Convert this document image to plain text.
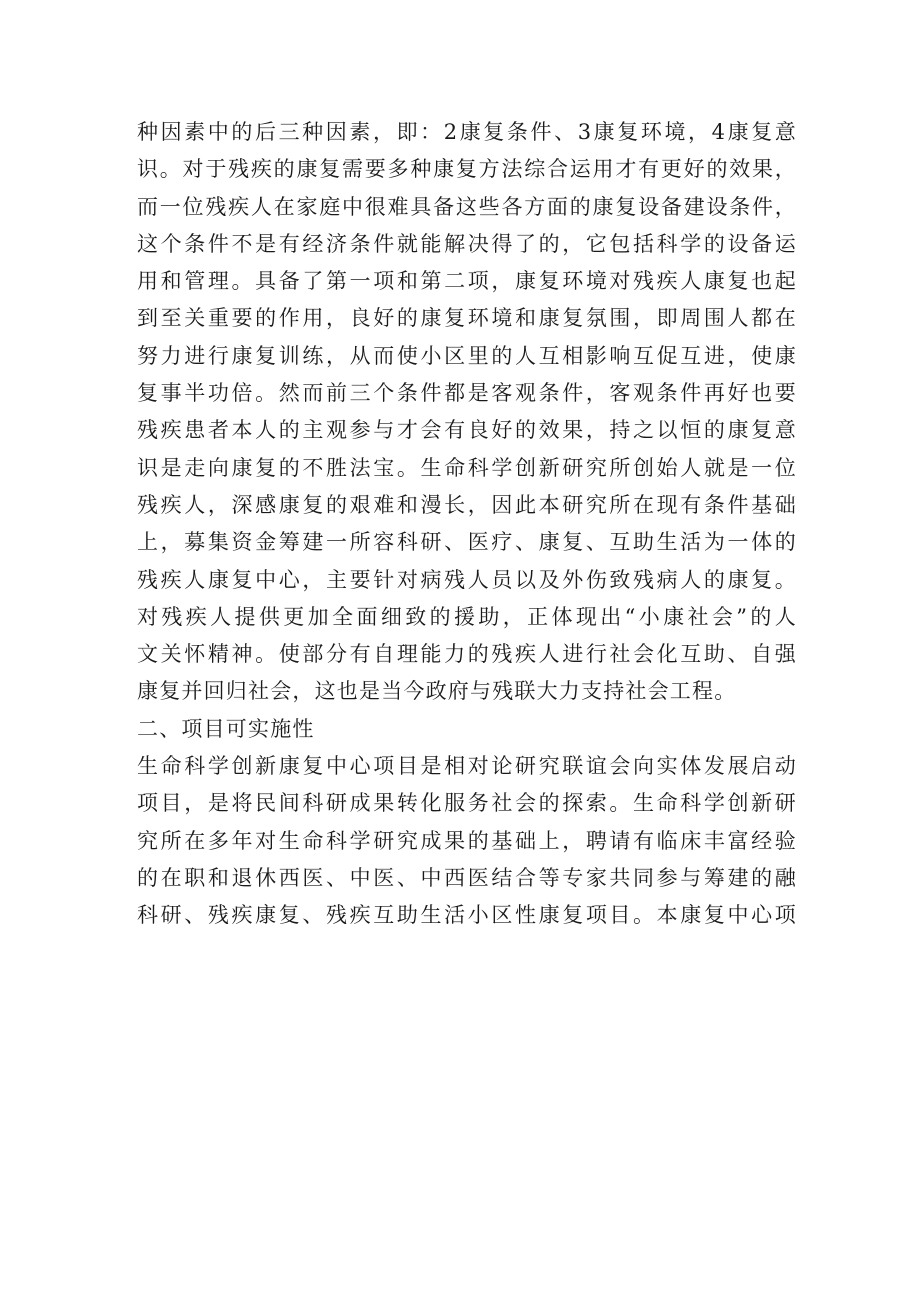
种因素中的后三种因素，即：2康复条件、3康复环境，4康复意
识。对于残疾的康复需要多种康复方法综合运用才有更好的效果，
而一位残疾人在家庭中很难具备这些各方面的康复设备建设条件，
这个条件不是有经济条件就能解决得了的，它包括科学的设备运
用和管理。具备了第一项和第二项，康复环境对残疾人康复也起
到至关重要的作用，良好的康复环境和康复氛围，即周围人都在
努力进行康复训练，从而使小区里的人互相影响互促互进，使康
复事半功倍。然而前三个条件都是客观条件，客观条件再好也要
残疾患者本人的主观参与才会有良好的效果，持之以恒的康复意
识是走向康复的不胜法宝。生命科学创新研究所创始人就是一位
残疾人，深感康复的艰难和漫长，因此本研究所在现有条件基础
上，募集资金筹建一所容科研、医疗、康复、互助生活为一体的
残疾人康复中心，主要针对病残人员以及外伤致残病人的康复。
对残疾人提供更加全面细致的援助，正体现出“小康社会”的人
文关怀精神。使部分有自理能力的残疾人进行社会化互助、自强
康复并回归社会，这也是当今政府与残联大力支持社会工程。
二、项目可实施性
生命科学创新康复中心项目是相对论研究联谊会向实体发展启动
项目，是将民间科研成果转化服务社会的探索。生命科学创新研
究所在多年对生命科学研究成果的基础上，聘请有临床丰富经验
的在职和退休西医、中医、中西医结合等专家共同参与筹建的融
科研、残疾康复、残疾互助生活小区性康复项目。本康复中心项
